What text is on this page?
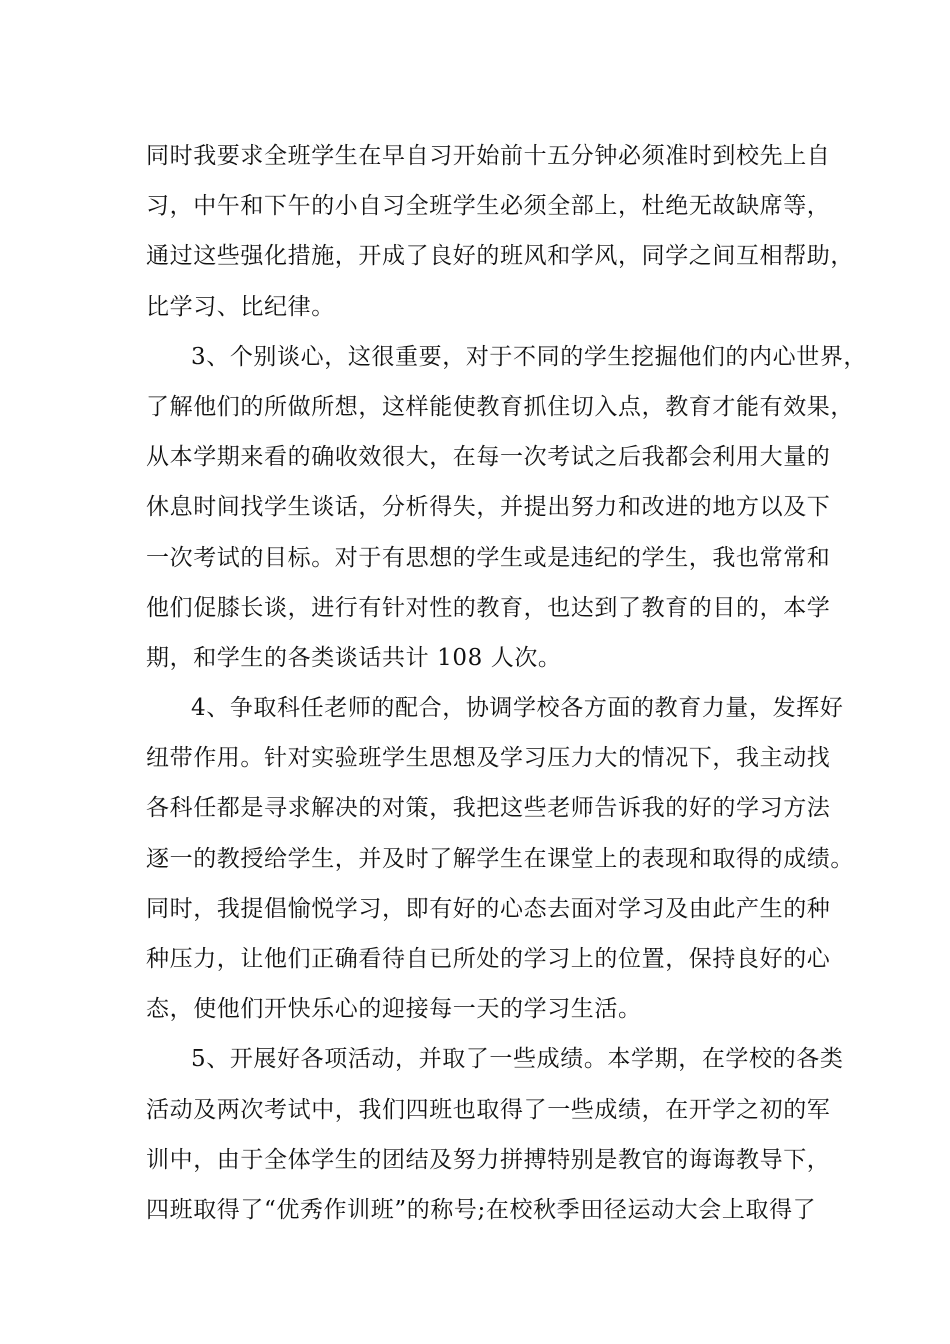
同时我要求全班学生在早自习开始前十五分钟必须准时到校先上自
习，中午和下午的小自习全班学生必须全部上，杜绝无故缺席等，
通过这些强化措施，开成了良好的班风和学风，同学之间互相帮助，
比学习、比纪律。
3、个别谈心，这很重要，对于不同的学生挖掘他们的内心世界，
了解他们的所做所想，这样能使教育抓住切入点，教育才能有效果，
从本学期来看的确收效很大，在每一次考试之后我都会利用大量的
休息时间找学生谈话，分析得失，并提出努力和改进的地方以及下
一次考试的目标。对于有思想的学生或是违纪的学生，我也常常和
他们促膝长谈，进行有针对性的教育，也达到了教育的目的，本学
期，和学生的各类谈话共计 108 人次。
4、争取科任老师的配合，协调学校各方面的教育力量，发挥好
纽带作用。针对实验班学生思想及学习压力大的情况下，我主动找
各科任都是寻求解决的对策，我把这些老师告诉我的好的学习方法
逐一的教授给学生，并及时了解学生在课堂上的表现和取得的成绩。
同时，我提倡愉悦学习，即有好的心态去面对学习及由此产生的种
种压力，让他们正确看待自已所处的学习上的位置，保持良好的心
态，使他们开快乐心的迎接每一天的学习生活。
5、开展好各项活动，并取了一些成绩。本学期，在学校的各类
活动及两次考试中，我们四班也取得了一些成绩，在开学之初的军
训中，由于全体学生的团结及努力拼搏特别是教官的诲诲教导下，
四班取得了“优秀作训班”的称号;在校秋季田径运动大会上取得了
